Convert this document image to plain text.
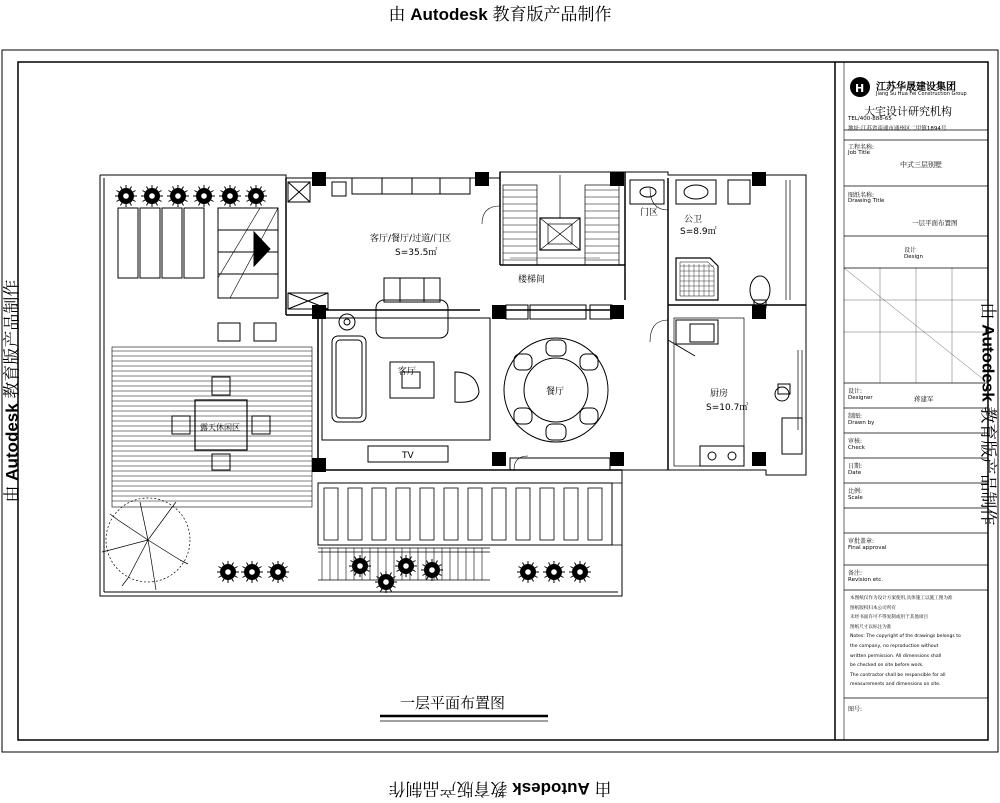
由 Autodesk 教育版产品制作
由 Autodesk 教育版产品制作
由 Autodesk 教育版产品制作	由 Autodesk 教育版产品制作
客厅/餐厅/过道/门区
S=35.5㎡
楼梯间
门区
公卫
S=8.9㎡
厨房
S=10.7㎡
餐厅
客厅
TV
露天休闲区
一层平面布置图
H 江苏华晟建设集团
Jiang Su Hua Fei Construction Group
大宅设计研究机构
TEL/400-888-65
地址:江苏省南通市通州区二甲镇1894号
工程名称:
Job Title
中式三层别墅
图纸名称:
Drawing Title
一层平面布置图
设计
Design
设计:
Designer	蒋建军
制图:
Drawn by
审核:
Check
日期:
Date
比例:
Scale
审批盖章:
Final approval
备注:
Revision etc.
本图纸仅作为设计方案使用,具体施工以施工图为准
图纸版权归本公司所有
未经书面许可不得复制或用于其他项目
图纸尺寸以标注为准
Notes: The copyright of the drawings belongs to
the company, no reproduction without
written permission. All dimensions shall
be checked on site before work.
The contractor shall be responsible for all
measurements and dimensions on site.
图号:
